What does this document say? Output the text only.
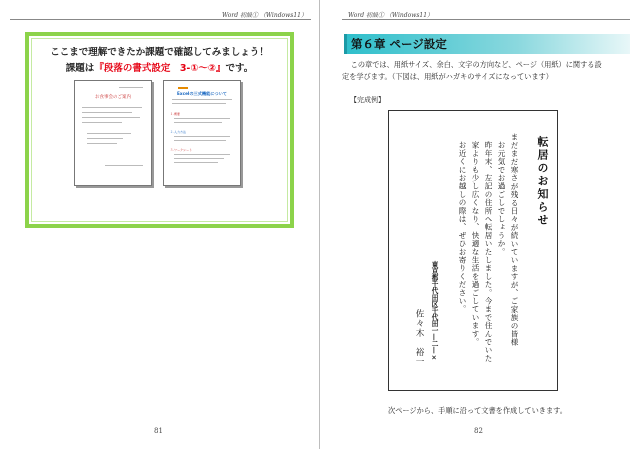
Word 初級① （Windows11）
ここまで理解できたか課題で確認してみましょう！
課題は『段落の書式設定　3-①～②』です。
お食事会のご案内
Excelの三式機能について
１.概要
２.入力方法
３.ワークシート
81
Word 初級① （Windows11）
第６章 ページ設定

この章では、用紙サイズ、余白、文字の方向など、ページ（用紙）に関する設

定を学びます。（下図は、用紙がハガキのサイズになっています）

【完成例】
転居のお知らせ
まだまだ寒さが残る日々が続いていますが、ご家族の皆様
お元気でお過ごしでしょうか。
昨年末、左記の住所へ転居いたしました。今まで住んでいた
家よりも少し広くなり、快適な生活を過ごしています。
お近くにお越しの際は、ぜひお寄りください。
東京都千代田区千代田一―二―×
佐々木　裕一
次ページから、手順に沿って文書を作成していきます。
82
